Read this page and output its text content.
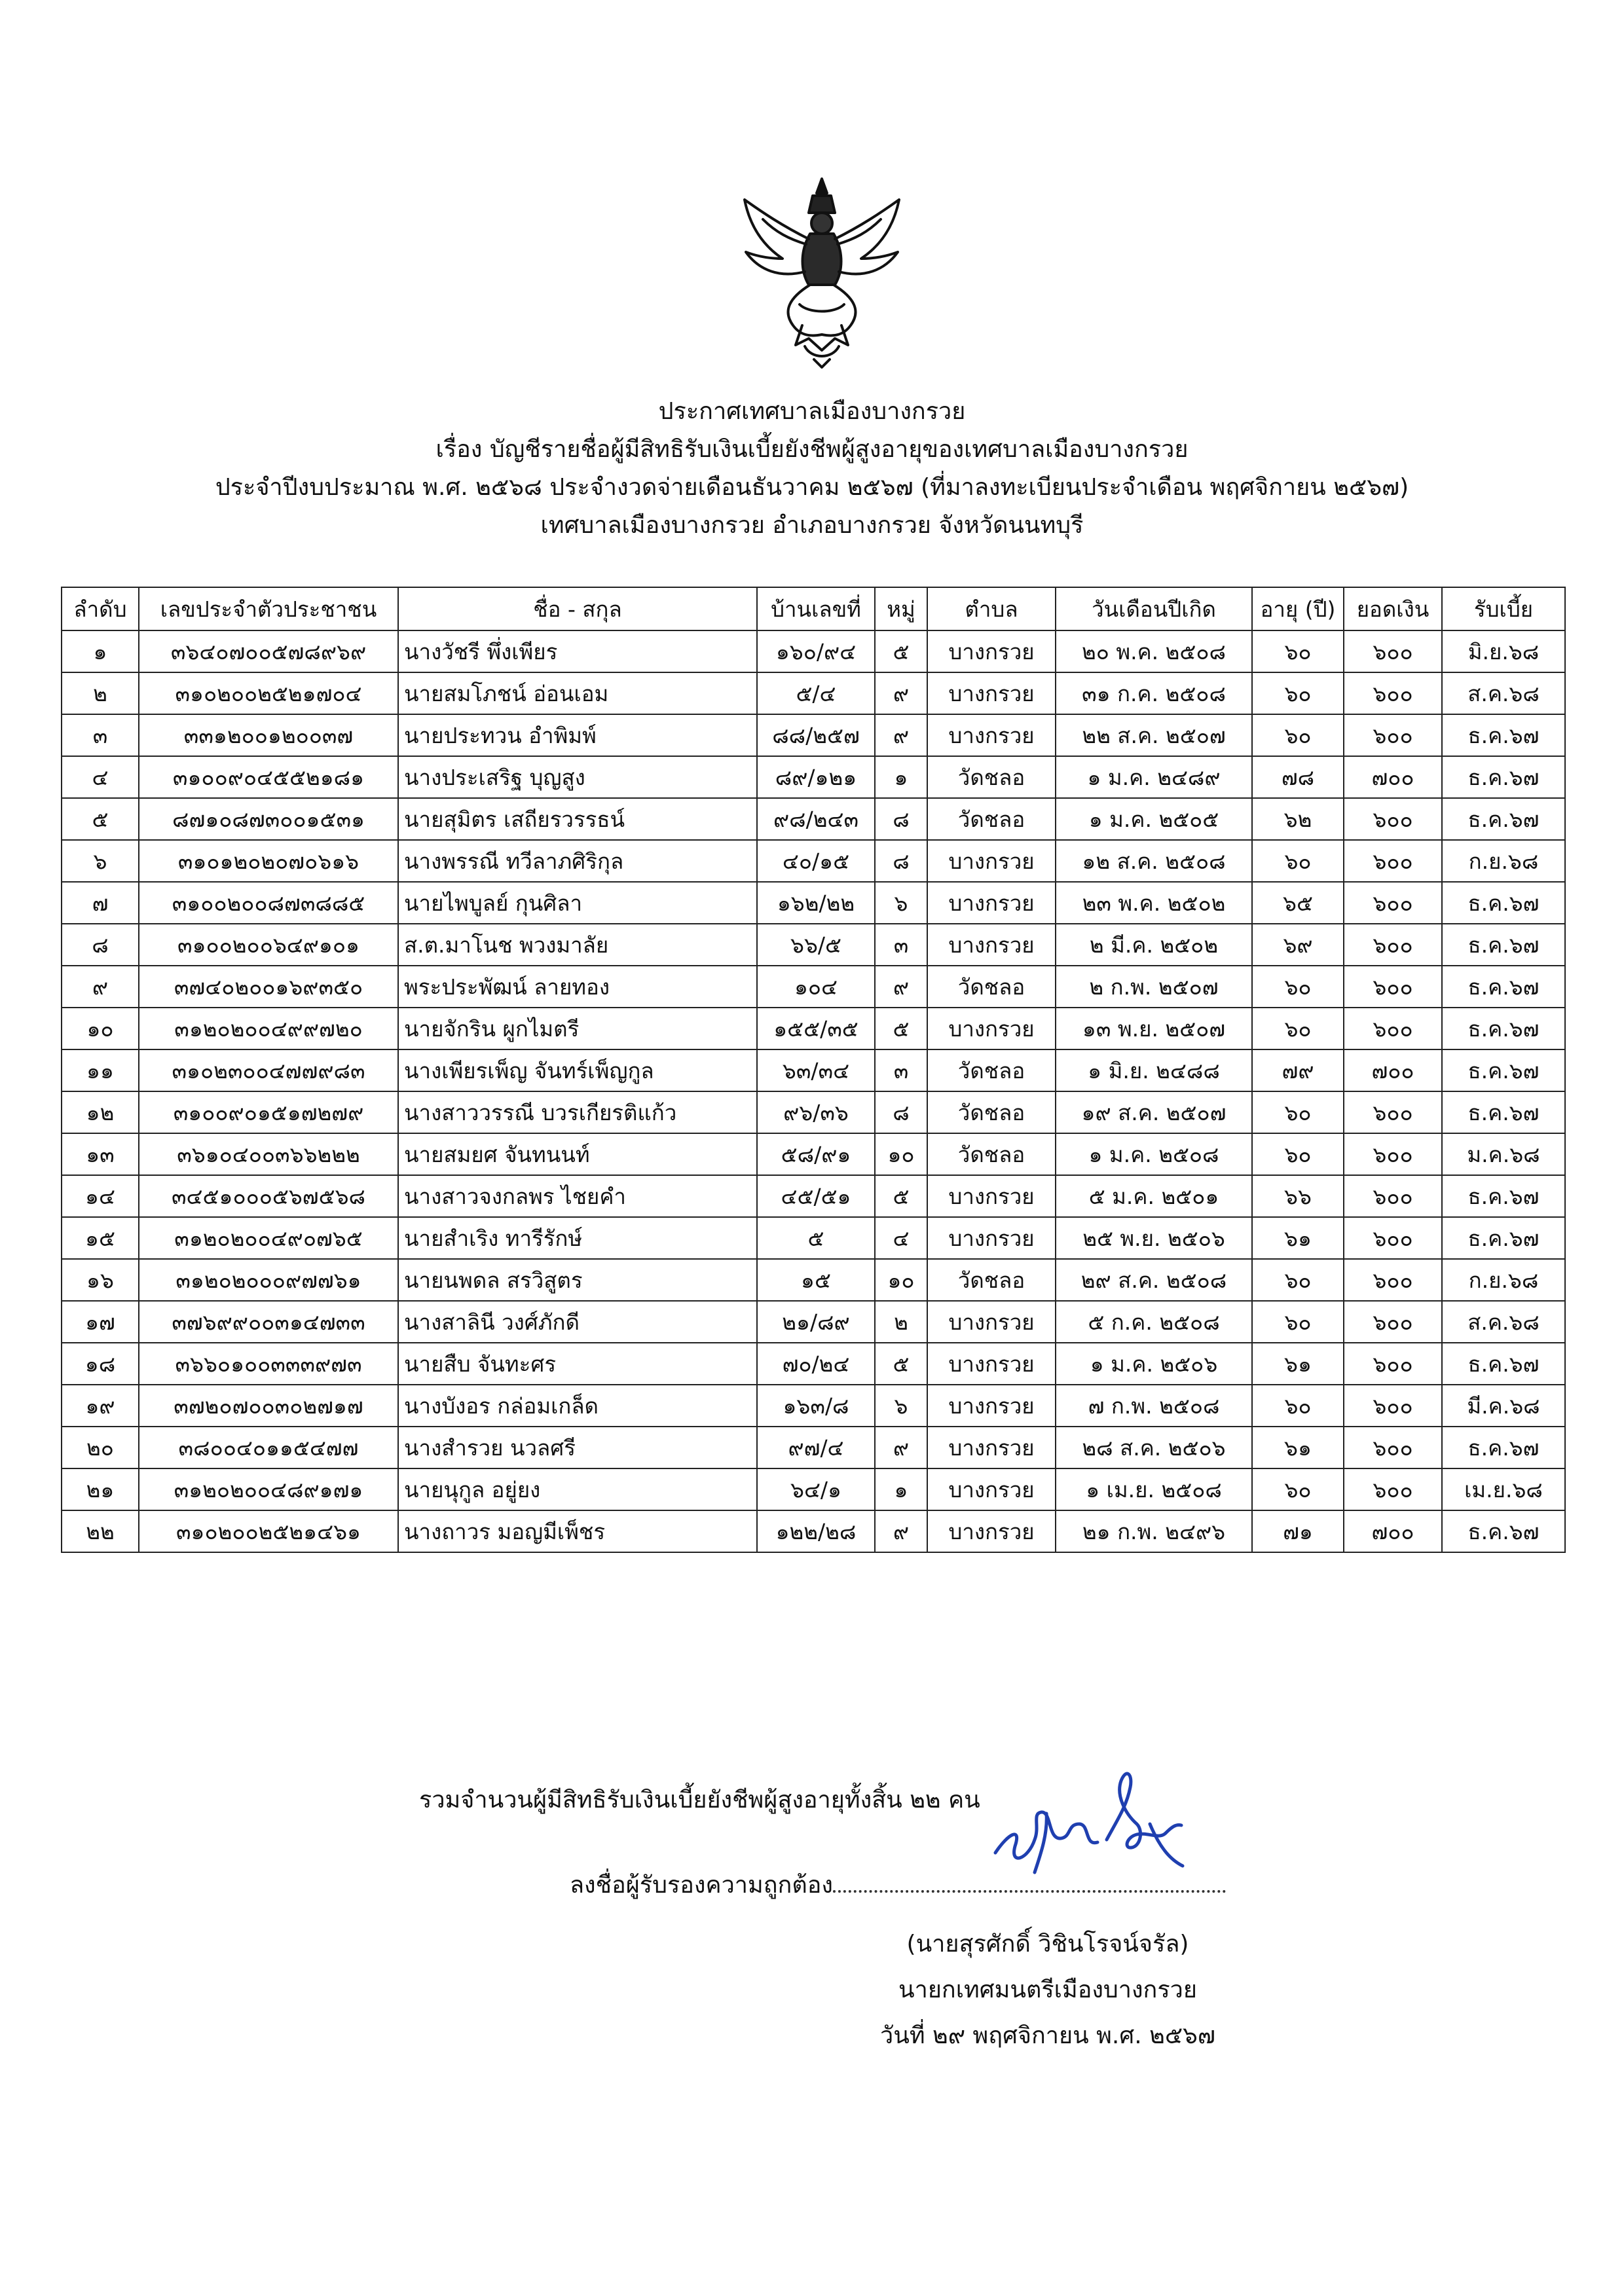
ประกาศเทศบาลเมืองบางกรวย
เรื่อง บัญชีรายชื่อผู้มีสิทธิรับเงินเบี้ยยังชีพผู้สูงอายุของเทศบาลเมืองบางกรวย
ประจำปีงบประมาณ พ.ศ. ๒๕๖๘ ประจำงวดจ่ายเดือนธันวาคม ๒๕๖๗ (ที่มาลงทะเบียนประจำเดือน พฤศจิกายน ๒๕๖๗)
เทศบาลเมืองบางกรวย อำเภอบางกรวย จังหวัดนนทบุรี
ลำดับ	เลขประจำตัวประชาชน	ชื่อ - สกุล	บ้านเลขที่	หมู่	ตำบล	วันเดือนปีเกิด	อายุ (ปี)	ยอดเงิน	รับเบี้ย
๑	๓๖๔๐๗๐๐๕๗๘๙๖๙	นางวัชรี พึ่งเพียร	๑๖๐/๙๔	๕	บางกรวย	๒๐ พ.ค. ๒๕๐๘	๖๐	๖๐๐	มิ.ย.๖๘
๒	๓๑๐๒๐๐๒๕๒๑๗๐๔	นายสมโภชน์ อ่อนเอม	๕/๔	๙	บางกรวย	๓๑ ก.ค. ๒๕๐๘	๖๐	๖๐๐	ส.ค.๖๘
๓	๓๓๑๒๐๐๑๒๐๐๓๗	นายประทวน อำพิมพ์	๘๘/๒๕๗	๙	บางกรวย	๒๒ ส.ค. ๒๕๐๗	๖๐	๖๐๐	ธ.ค.๖๗
๔	๓๑๐๐๙๐๔๕๕๒๑๘๑	นางประเสริฐ บุญสูง	๘๙/๑๒๑	๑	วัดชลอ	๑ ม.ค. ๒๔๘๙	๗๘	๗๐๐	ธ.ค.๖๗
๕	๘๗๑๐๘๗๓๐๐๑๕๓๑	นายสุมิตร เสถียรวรรธน์	๙๘/๒๔๓	๘	วัดชลอ	๑ ม.ค. ๒๕๐๕	๖๒	๖๐๐	ธ.ค.๖๗
๖	๓๑๐๑๒๐๒๐๗๐๖๑๖	นางพรรณี ทวีลาภศิริกุล	๔๐/๑๕	๘	บางกรวย	๑๒ ส.ค. ๒๕๐๘	๖๐	๖๐๐	ก.ย.๖๘
๗	๓๑๐๐๒๐๐๘๗๓๘๘๕	นายไพบูลย์ กุนศิลา	๑๖๒/๒๒	๖	บางกรวย	๒๓ พ.ค. ๒๕๐๒	๖๕	๖๐๐	ธ.ค.๖๗
๘	๓๑๐๐๒๐๐๖๔๙๑๐๑	ส.ต.มาโนช พวงมาลัย	๖๖/๕	๓	บางกรวย	๒ มี.ค. ๒๕๐๒	๖๙	๖๐๐	ธ.ค.๖๗
๙	๓๗๔๐๒๐๐๑๖๙๓๕๐	พระประพัฒน์ ลายทอง	๑๐๔	๙	วัดชลอ	๒ ก.พ. ๒๕๐๗	๖๐	๖๐๐	ธ.ค.๖๗
๑๐	๓๑๒๐๒๐๐๔๙๙๗๒๐	นายจักริน ผูกไมตรี	๑๕๕/๓๕	๕	บางกรวย	๑๓ พ.ย. ๒๕๐๗	๖๐	๖๐๐	ธ.ค.๖๗
๑๑	๓๑๐๒๓๐๐๔๗๗๙๘๓	นางเพียรเพ็ญ จันทร์เพ็ญกูล	๖๓/๓๔	๓	วัดชลอ	๑ มิ.ย. ๒๔๘๘	๗๙	๗๐๐	ธ.ค.๖๗
๑๒	๓๑๐๐๙๐๑๕๑๗๒๗๙	นางสาววรรณี บวรเกียรติแก้ว	๙๖/๓๖	๘	วัดชลอ	๑๙ ส.ค. ๒๕๐๗	๖๐	๖๐๐	ธ.ค.๖๗
๑๓	๓๖๑๐๔๐๐๓๖๖๒๒๒	นายสมยศ จันทนนท์	๕๘/๙๑	๑๐	วัดชลอ	๑ ม.ค. ๒๕๐๘	๖๐	๖๐๐	ม.ค.๖๘
๑๔	๓๔๕๑๐๐๐๕๖๗๕๖๘	นางสาวจงกลพร ไชยคำ	๔๕/๕๑	๕	บางกรวย	๕ ม.ค. ๒๕๐๑	๖๖	๖๐๐	ธ.ค.๖๗
๑๕	๓๑๒๐๒๐๐๔๙๐๗๖๕	นายสำเริง ทารีรักษ์	๕	๔	บางกรวย	๒๕ พ.ย. ๒๕๐๖	๖๑	๖๐๐	ธ.ค.๖๗
๑๖	๓๑๒๐๒๐๐๐๙๗๗๖๑	นายนพดล สรวิสูตร	๑๕	๑๐	วัดชลอ	๒๙ ส.ค. ๒๕๐๘	๖๐	๖๐๐	ก.ย.๖๘
๑๗	๓๗๖๙๙๐๐๓๑๔๗๓๓	นางสาลินี วงศ์ภักดี	๒๑/๘๙	๒	บางกรวย	๕ ก.ค. ๒๕๐๘	๖๐	๖๐๐	ส.ค.๖๘
๑๘	๓๖๖๐๑๐๐๓๓๓๙๗๓	นายสืบ จันทะศร	๗๐/๒๔	๕	บางกรวย	๑ ม.ค. ๒๕๐๖	๖๑	๖๐๐	ธ.ค.๖๗
๑๙	๓๗๒๐๗๐๐๓๐๒๗๑๗	นางบังอร กล่อมเกล็ด	๑๖๓/๘	๖	บางกรวย	๗ ก.พ. ๒๕๐๘	๖๐	๖๐๐	มี.ค.๖๘
๒๐	๓๘๐๐๔๐๑๑๕๔๗๗	นางสำรวย นวลศรี	๙๗/๔	๙	บางกรวย	๒๘ ส.ค. ๒๕๐๖	๖๑	๖๐๐	ธ.ค.๖๗
๒๑	๓๑๒๐๒๐๐๔๘๙๑๗๑	นายนุกูล อยู่ยง	๖๔/๑	๑	บางกรวย	๑ เม.ย. ๒๕๐๘	๖๐	๖๐๐	เม.ย.๖๘
๒๒	๓๑๐๒๐๐๒๕๒๑๔๖๑	นางถาวร มอญมีเพ็ชร	๑๒๒/๒๘	๙	บางกรวย	๒๑ ก.พ. ๒๔๙๖	๗๑	๗๐๐	ธ.ค.๖๗
รวมจำนวนผู้มีสิทธิรับเงินเบี้ยยังชีพผู้สูงอายุทั้งสิ้น ๒๒ คน
ลงชื่อผู้รับรองความถูกต้อง
(นายสุรศักดิ์ วิชินโรจน์จรัล)
นายกเทศมนตรีเมืองบางกรวย
วันที่ ๒๙ พฤศจิกายน พ.ศ. ๒๕๖๗
